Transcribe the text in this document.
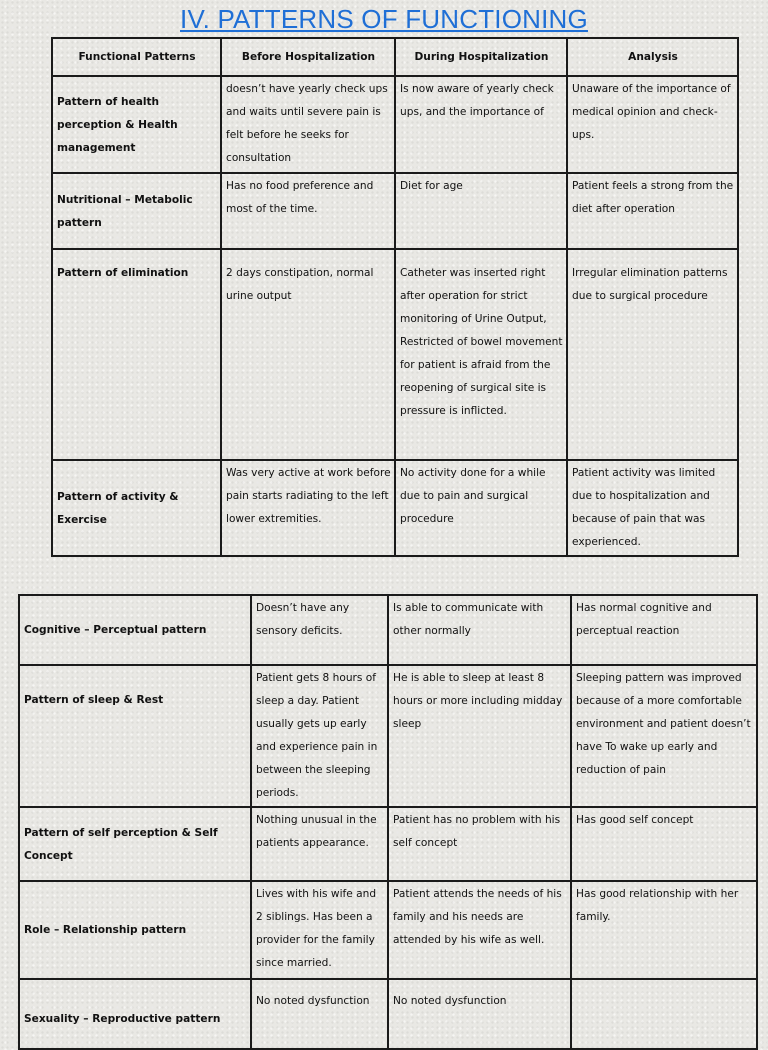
IV. PATTERNS OF FUNCTIONING
Functional Patterns	Before Hospitalization	During Hospitalization	Analysis
Pattern of health perception & Health management	doesn’t have yearly check ups and waits until severe pain is felt before he seeks for consultation	Is now aware of yearly check ups, and the importance of	Unaware of the importance of medical opinion and check-ups.
Nutritional – Metabolic pattern	Has no food preference and most of the time.	Diet for age	Patient feels a strong from the diet after operation
Pattern of elimination	2 days constipation, normal urine output	Catheter was inserted right after operation for strict monitoring of Urine Output, Restricted of bowel movement for patient is afraid from the reopening of surgical site is pressure is inflicted.	Irregular elimination patterns due to surgical procedure
Pattern of activity & Exercise	Was very active at work before pain starts radiating to the left lower extremities.	No activity done for a while due to pain and surgical procedure	Patient activity was limited due to hospitalization and because of pain that was experienced.
Cognitive – Perceptual pattern	Doesn’t have any sensory deficits.	Is able to communicate with other normally	Has normal cognitive and perceptual reaction
Pattern of sleep & Rest	Patient gets 8 hours of sleep a day. Patient usually gets up early and experience pain in between the sleeping periods.	He is able to sleep at least 8 hours or more including midday sleep	Sleeping pattern was improved because of a more comfortable environment and patient doesn’t have To wake up early and reduction of pain
Pattern of self perception & Self Concept	Nothing unusual in the patients appearance.	Patient has no problem with his self concept	Has good self concept
Role – Relationship pattern	Lives with his wife and 2 siblings. Has been a provider for the family since married.	Patient attends the needs of his family and his needs are attended by his wife as well.	Has good relationship with her family.
Sexuality – Reproductive pattern	No noted dysfunction	No noted dysfunction	
